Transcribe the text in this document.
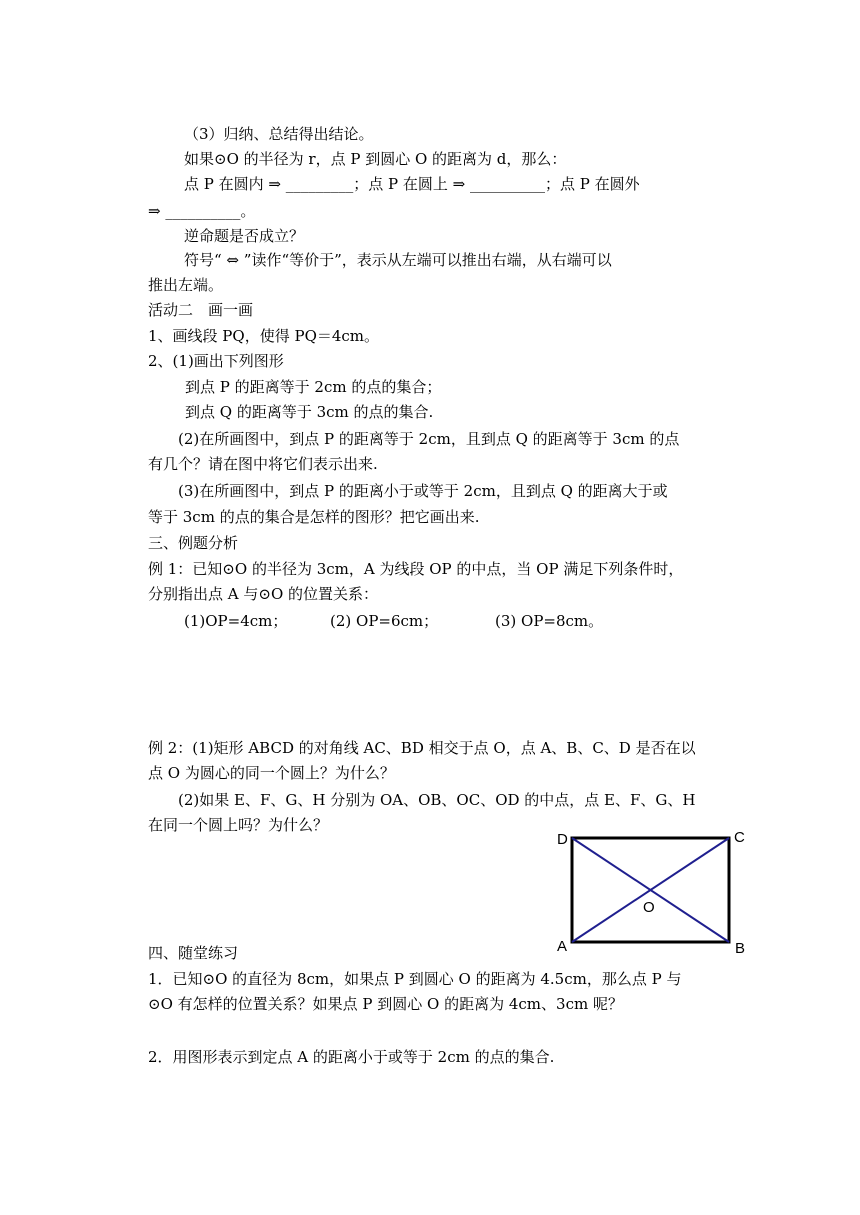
（3）归纳、总结得出结论。
如果⊙O 的半径为 r，点 P 到圆心 O 的距离为 d，那么：
点 P 在圆内 ⇒ _________；点 P 在圆上 ⇒ __________；点 P 在圆外
⇒ __________。
逆命题是否成立？
符号“ ⇔ ”读作“等价于”，表示从左端可以推出右端，从右端可以
推出左端。
活动二　画一画
1、画线段 PQ，使得 PQ＝4cm。
2、(1)画出下列图形
到点 P 的距离等于 2cm 的点的集合；
到点 Q 的距离等于 3cm 的点的集合.
(2)在所画图中，到点 P 的距离等于 2cm，且到点 Q 的距离等于 3cm 的点
有几个？请在图中将它们表示出来.
(3)在所画图中，到点 P 的距离小于或等于 2cm，且到点 Q 的距离大于或
等于 3cm 的点的集合是怎样的图形？把它画出来.
三、例题分析
例 1：已知⊙O 的半径为 3cm，A 为线段 OP 的中点，当 OP 满足下列条件时，
分别指出点 A 与⊙O 的位置关系：
(1)OP=4cm；	(2) OP=6cm；	(3) OP=8cm。
例 2：(1)矩形 ABCD 的对角线 AC、BD 相交于点 O，点 A、B、C、D 是否在以
点 O 为圆心的同一个圆上？为什么？
(2)如果 E、F、G、H 分别为 OA、OB、OC、OD 的中点，点 E、F、G、H
在同一个圆上吗？为什么？
四、随堂练习
1．已知⊙O 的直径为 8cm，如果点 P 到圆心 O 的距离为 4.5cm，那么点 P 与
⊙O 有怎样的位置关系？如果点 P 到圆心 O 的距离为 4cm、3cm 呢？
2．用图形表示到定点 A 的距离小于或等于 2cm 的点的集合.
D	C
A	B
O
